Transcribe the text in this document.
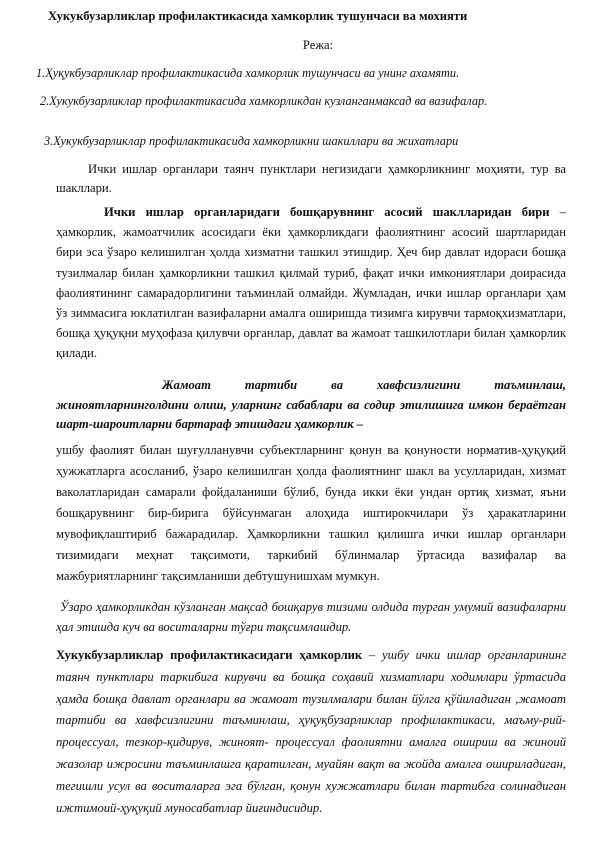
Хукукбузарликлар профилактикасида хамкорлик тушунчаси ва мохияти
Режа:
1.Ҳуқукбузарликлар профилактикасида хамкорлик тушунчаси ва унинг ахамяти.
2.Хукукбузарликлар профилактикасида хамкорликдан кузланганмаксад ва вазифалар.
3.Хукукбузарликлар профилактикасида хамкорликни шакиллари ва жихатлари
Ички ишлар органлари таянч пунктлари негизидаги ҳамкорликнинг моҳияти, тур ва шакллари.
Ички ишлар органларидаги бошқарувнинг асосий шаклларидан бири – ҳамкорлик, жамоатчилик асосидаги ёки ҳамкорликдаги фаолиятнинг асосий шартларидан бири эса ўзаро келишилган ҳолда хизматни ташкил этишдир. Ҳеч бир давлат идораси бошқа тузилмалар билан ҳамкорликни ташкил қилмай туриб, фақат ички имкониятлари доирасида фаолиятининг самарадорлигини таъминлай олмайди. Жумладан, ички ишлар органлари ҳам ўз зиммасига юклатилган вазифаларни амалга оширишда тизимга кирувчи тармоқхизматлари, бошқа ҳуқуқни муҳофаза қилувчи органлар, давлат ва жамоат ташкилотлари билан ҳамкорлик қилади.
Жамоат тартиби ва хавфсизлигини таъминлаш, жиноятларнинголдини олиш, уларнинг сабаблари ва содир этилишига имкон бераётган шарт-шароитларни бартараф этишдаги ҳамкорлик –
ушбу фаолият билан шуғулланувчи субъектларнинг қонун ва қонуности норматив-ҳуқуқий ҳужжатларга асосланиб, ўзаро келишилган ҳолда фаолиятнинг шакл ва усулларидан, хизмат ваколатларидан самарали фойдаланиши бўлиб, бунда икки ёки ундан ортиқ хизмат, яъни бошқарувнинг бир-бирига бўйсунмаган алоҳида иштирокчилари ўз ҳаракатларини мувофиқлаштириб бажарадилар. Ҳамкорликни ташкил қилишга ички ишлар органлари тизимидаги меҳнат тақсимоти, таркибий бўлинмалар ўртасида вазифалар ва мажбуриятларнинг тақсимланиши дебтушунишхам мумкун.
Ўзаро ҳамкорликдан кўзланган мақсад бошқарув тизими олдида турган умумий вазифаларни ҳал этишда куч ва воситаларни тўғри тақсимлашдир.
Хукукбузарликлар профилактикасидаги ҳамкорлик – ушбу ички ишлар органларининг таянч пунктлари таркибига кирувчи ва бошқа соҳавий хизматлари ходимлари ўртасида ҳамда бошқа давлат органлари ва жамоат тузилмалари билан йўлга қўйиладиган ,жамоат тартиби ва хавфсизлигини таъминлаш, ҳуқуқбузарликлар профилактикаси, маъму-рий- процессуал, тезкор-қидирув, жиноят- процессуал фаолиятни амалга ошириш ва жиноий жазолар ижросини таъминлашга қаратилган, муайян вақт ва жойда амалга ошириладиган, тегишли усул ва воситаларга эга бўлган, қонун хужжатлари билан тартибга солинадиган ижтимоий-ҳуқуқий муносабатлар йиғиндисидир.
